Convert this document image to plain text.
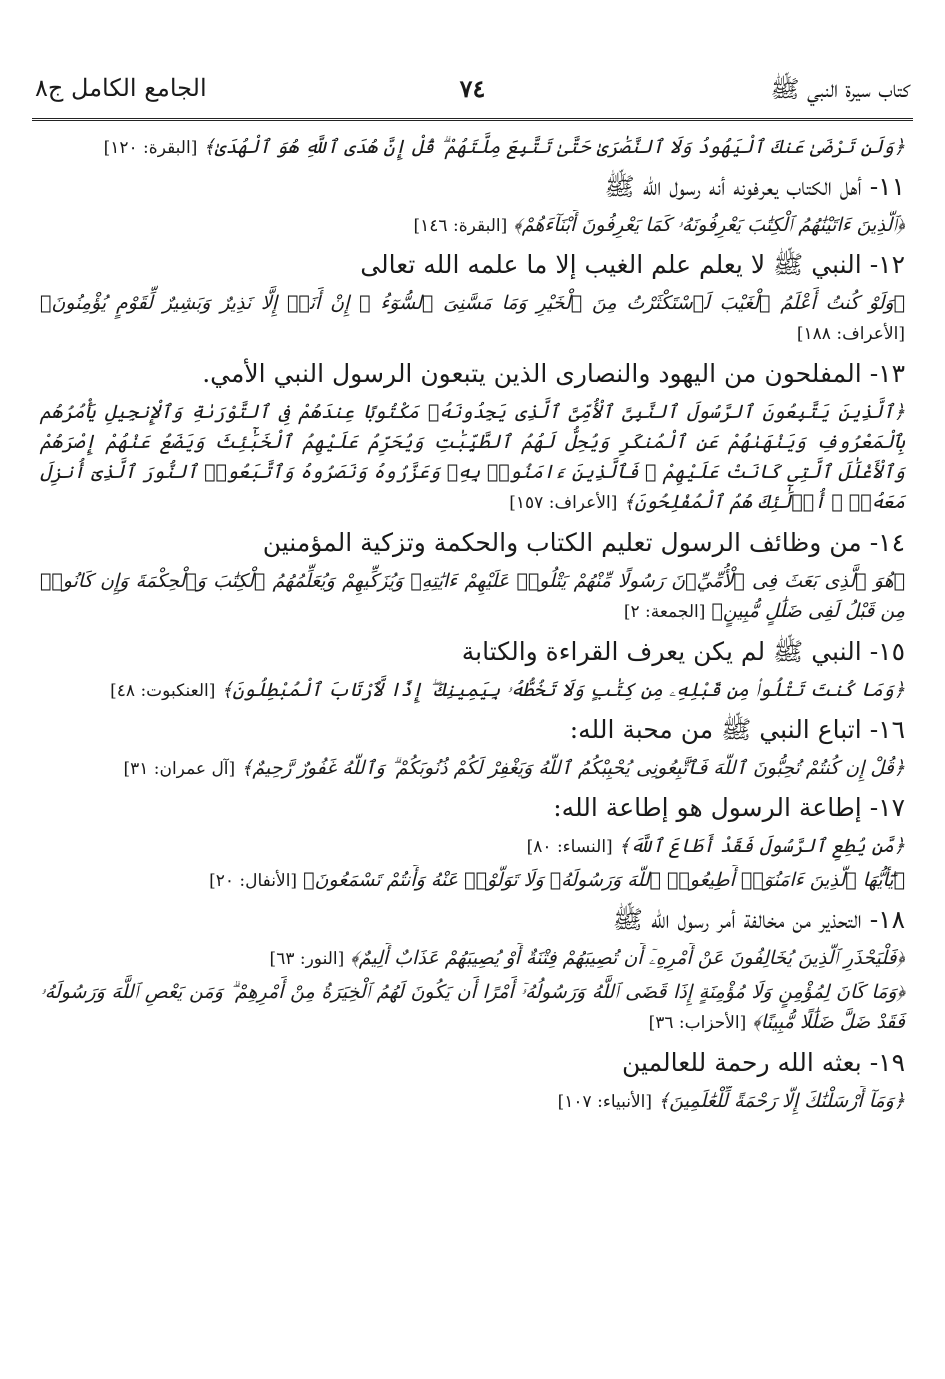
كتاب سيرة النبي ﷺ
٧٤
الجامع الكامل ج٨

﴿وَلَن تَرْضَىٰ عَنكَ ٱلْيَهُودُ وَلَا ٱلنَّصَٰرَىٰ حَتَّىٰ تَتَّبِعَ مِلَّتَهُمْ ۗ قُلْ إِنَّ هُدَى ٱللَّهِ هُوَ ٱلْهُدَىٰ﴾ [البقرة: ١٢٠]

١١-أهل الكتاب يعرفونه أنه رسول الله ﷺ

﴿ٱلَّذِينَ ءَاتَيْنَٰهُمُ ٱلْكِتَٰبَ يَعْرِفُونَهُۥ كَمَا يَعْرِفُونَ أَبْنَآءَهُمْ﴾ [البقرة: ١٤٦]

١٢-النبي ﷺ لا يعلم علم الغيب إلا ما علمه الله تعالى

﴿وَلَوْ كُنتُ أَعْلَمُ ٱلْغَيْبَ لَٱسْتَكْثَرْتُ مِنَ ٱلْخَيْرِ وَمَا مَسَّنِىَ ٱلسُّوٓءُ ۚ إِنْ أَنَا۠ إِلَّا نَذِيرٌ وَبَشِيرٌ لِّقَوْمٍ يُؤْمِنُونَ﴾ [الأعراف: ١٨٨]

١٣-المفلحون من اليهود والنصارى الذين يتبعون الرسول النبي الأمي.

﴿ٱلَّذِينَ يَتَّبِعُونَ ٱلرَّسُولَ ٱلنَّبِىَّ ٱلْأُمِّىَّ ٱلَّذِى يَجِدُونَهُۥ مَكْتُوبًا عِندَهُمْ فِى ٱلتَّوْرَىٰةِ وَٱلْإِنجِيلِ يَأْمُرُهُم بِٱلْمَعْرُوفِ وَيَنْهَىٰهُمْ عَنِ ٱلْمُنكَرِ وَيُحِلُّ لَهُمُ ٱلطَّيِّبَٰتِ وَيُحَرِّمُ عَلَيْهِمُ ٱلْخَبَٰٓئِثَ وَيَضَعُ عَنْهُمْ إِصْرَهُمْ وَٱلْأَغْلَٰلَ ٱلَّتِى كَانَتْ عَلَيْهِمْ ۚ فَٱلَّذِينَ ءَامَنُوا۟ بِهِۦ وَعَزَّرُوهُ وَنَصَرُوهُ وَٱتَّبَعُوا۟ ٱلنُّورَ ٱلَّذِىٓ أُنزِلَ مَعَهُۥٓ ۙ أُو۟لَٰٓئِكَ هُمُ ٱلْمُفْلِحُونَ﴾ [الأعراف: ١٥٧]

١٤-من وظائف الرسول تعليم الكتاب والحكمة وتزكية المؤمنين

﴿هُوَ ٱلَّذِى بَعَثَ فِى ٱلْأُمِّيِّۦنَ رَسُولًا مِّنْهُمْ يَتْلُوا۟ عَلَيْهِمْ ءَايَٰتِهِۦ وَيُزَكِّيهِمْ وَيُعَلِّمُهُمُ ٱلْكِتَٰبَ وَٱلْحِكْمَةَ وَإِن كَانُوا۟ مِن قَبْلُ لَفِى ضَلَٰلٍ مُّبِينٍ﴾ [الجمعة: ٢]

١٥-النبي ﷺ لم يكن يعرف القراءة والكتابة

﴿وَمَا كُنتَ تَتْلُوا۟ مِن قَبْلِهِۦ مِن كِتَٰبٍ وَلَا تَخُطُّهُۥ بِيَمِينِكَ ۖ إِذًا لَّٱرْتَابَ ٱلْمُبْطِلُونَ﴾ [العنكبوت: ٤٨]

١٦-اتباع النبي ﷺ من محبة الله:

﴿قُلْ إِن كُنتُمْ تُحِبُّونَ ٱللَّهَ فَٱتَّبِعُونِى يُحْبِبْكُمُ ٱللَّهُ وَيَغْفِرْ لَكُمْ ذُنُوبَكُمْ ۗ وَٱللَّهُ غَفُورٌ رَّحِيمٌ﴾ [آل عمران: ٣١]

١٧-إطاعة الرسول هو إطاعة الله:

﴿مَّن يُطِعِ ٱلرَّسُولَ فَقَدْ أَطَاعَ ٱللَّهَ﴾ [النساء: ٨٠]

﴿يَٰٓأَيُّهَا ٱلَّذِينَ ءَامَنُوٓا۟ أَطِيعُوا۟ ٱللَّهَ وَرَسُولَهُۥ وَلَا تَوَلَّوْا۟ عَنْهُ وَأَنتُمْ تَسْمَعُونَ﴾ [الأنفال: ٢٠]

١٨-التحذير من مخالفة أمر رسول الله ﷺ

﴿فَلْيَحْذَرِ ٱلَّذِينَ يُخَالِفُونَ عَنْ أَمْرِهِۦٓ أَن تُصِيبَهُمْ فِتْنَةٌ أَوْ يُصِيبَهُمْ عَذَابٌ أَلِيمٌ﴾ [النور: ٦٣]

﴿وَمَا كَانَ لِمُؤْمِنٍ وَلَا مُؤْمِنَةٍ إِذَا قَضَى ٱللَّهُ وَرَسُولُهُۥٓ أَمْرًا أَن يَكُونَ لَهُمُ ٱلْخِيَرَةُ مِنْ أَمْرِهِمْ ۗ وَمَن يَعْصِ ٱللَّهَ وَرَسُولَهُۥ فَقَدْ ضَلَّ ضَلَٰلًا مُّبِينًا﴾ [الأحزاب: ٣٦]

١٩-بعثه الله رحمة للعالمين

﴿وَمَآ أَرْسَلْنَٰكَ إِلَّا رَحْمَةً لِّلْعَٰلَمِينَ﴾ [الأنبياء: ١٠٧]
